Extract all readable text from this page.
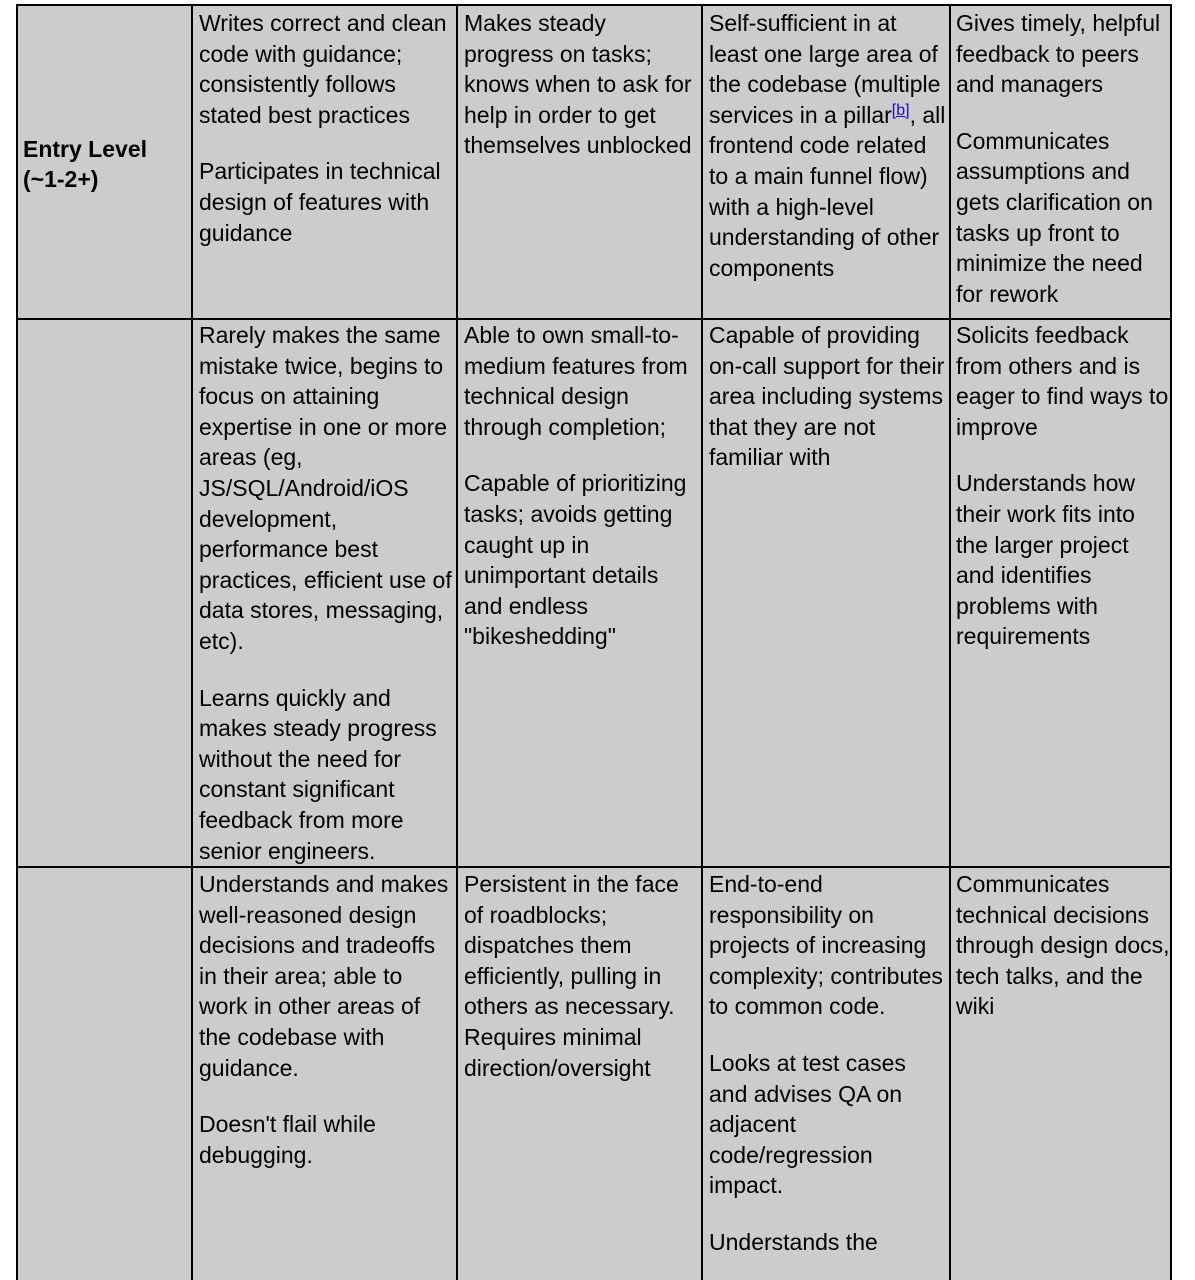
Entry Level
(~1-2+)

Writes correct and clean code with guidance; consistently follows stated best practices

Participates in technical design of features with guidance

Makes steady progress on tasks; knows when to ask for help in order to get themselves unblocked

Self-sufficient in at least one large area of the codebase (multiple services in a pillar[b], all frontend code related to a main funnel flow) with a high-level understanding of other components

Gives timely, helpful feedback to peers and managers

Communicates assumptions and gets clarification on tasks up front to minimize the need for rework

Rarely makes the same mistake twice, begins to focus on attaining expertise in one or more areas (eg, JS/SQL/Android/iOS development, performance best practices, efficient use of data stores, messaging, etc).

Learns quickly and makes steady progress without the need for constant significant feedback from more senior engineers.

Able to own small-to-medium features from technical design through completion;

Capable of prioritizing tasks; avoids getting caught up in unimportant details and endless "bikeshedding"

Capable of providing on-call support for their area including systems that they are not familiar with

Solicits feedback from others and is eager to find ways to improve

Understands how their work fits into the larger project and identifies problems with requirements

Understands and makes well-reasoned design decisions and tradeoffs in their area; able to work in other areas of the codebase with guidance.

Doesn't flail while debugging.

Persistent in the face of roadblocks; dispatches them efficiently, pulling in others as necessary. Requires minimal direction/oversight

End-to-end responsibility on projects of increasing complexity; contributes to common code.

Looks at test cases and advises QA on adjacent code/regression impact.

Understands the

Communicates technical decisions through design docs, tech talks, and the wiki
